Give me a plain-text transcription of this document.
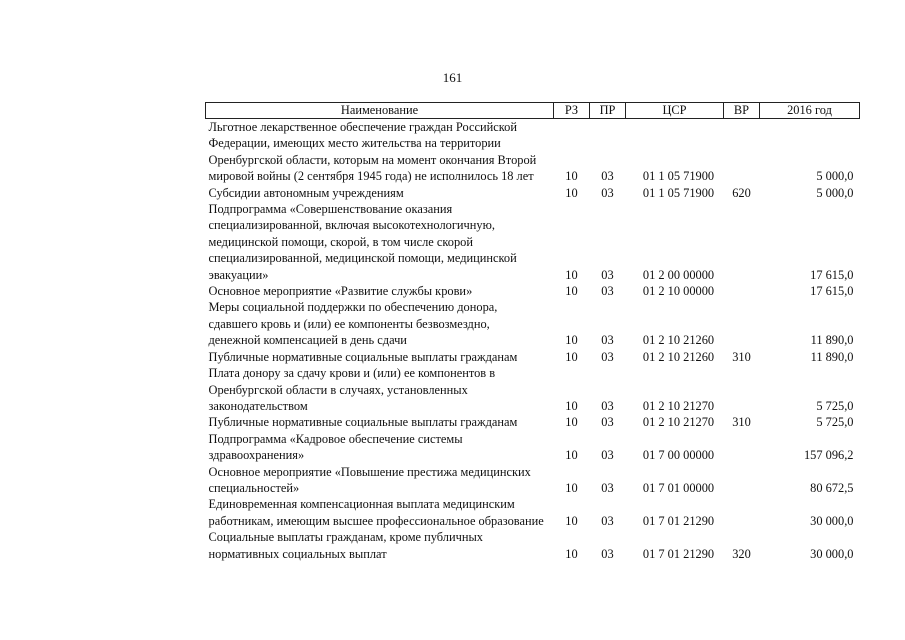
161
Наименование	РЗ	ПР	ЦСР	ВР	2016 год
Льготное лекарственное обеспечение граждан Российской
Федерации, имеющих место жительства на территории
Оренбургской области, которым на момент окончания Второй
мировой войны (2 сентября 1945 года) не исполнилось 18 лет	10	03	01 1 05 71900		5 000,0
Субсидии автономным учреждениям	10	03	01 1 05 71900	620	5 000,0
Подпрограмма «Совершенствование оказания
специализированной, включая высокотехнологичную,
медицинской помощи, скорой, в том числе скорой
специализированной, медицинской помощи, медицинской
эвакуации»	10	03	01 2 00 00000		17 615,0
Основное мероприятие «Развитие службы крови»	10	03	01 2 10 00000		17 615,0
Меры социальной поддержки по обеспечению донора,
сдавшего кровь и (или) ее компоненты безвозмездно,
денежной компенсацией в день сдачи	10	03	01 2 10 21260		11 890,0
Публичные нормативные социальные выплаты гражданам	10	03	01 2 10 21260	310	11 890,0
Плата донору за сдачу крови и (или) ее компонентов в
Оренбургской области в случаях, установленных
законодательством	10	03	01 2 10 21270		5 725,0
Публичные нормативные социальные выплаты гражданам	10	03	01 2 10 21270	310	5 725,0
Подпрограмма «Кадровое обеспечение системы
здравоохранения»	10	03	01 7 00 00000		157 096,2
Основное мероприятие «Повышение престижа медицинских
специальностей»	10	03	01 7 01 00000		80 672,5
Единовременная компенсационная выплата медицинским
работникам, имеющим высшее профессиональное образование	10	03	01 7 01 21290		30 000,0
Социальные выплаты гражданам, кроме публичных
нормативных социальных выплат	10	03	01 7 01 21290	320	30 000,0
